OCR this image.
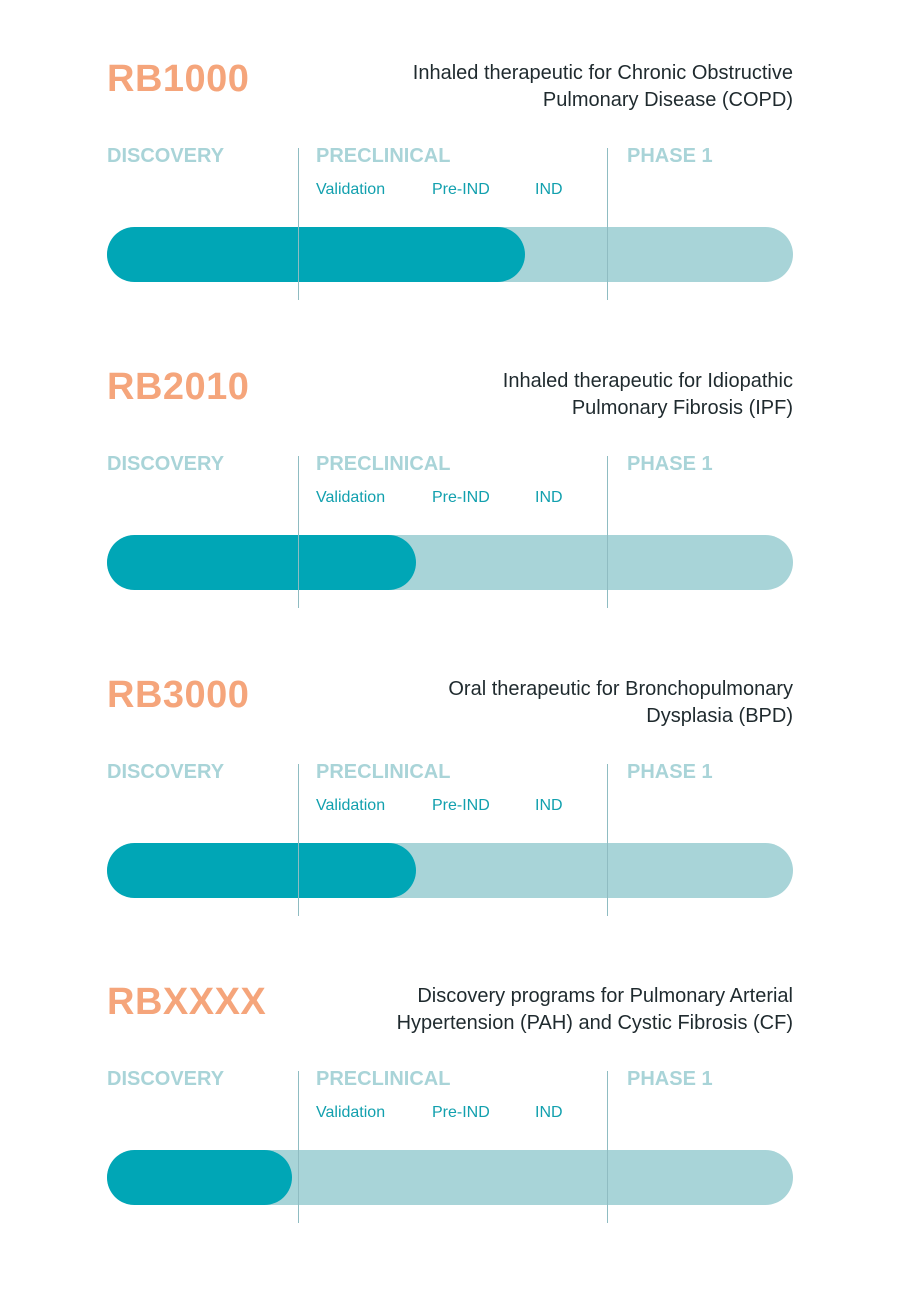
RB1000	Inhaled therapeutic for Chronic Obstructive
Pulmonary Disease (COPD)
DISCOVERY	PRECLINICAL	PHASE 1
Validation	Pre-IND	IND
RB2010	Inhaled therapeutic for Idiopathic
Pulmonary Fibrosis (IPF)
DISCOVERY	PRECLINICAL	PHASE 1
Validation	Pre-IND	IND
RB3000	Oral therapeutic for Bronchopulmonary
Dysplasia (BPD)
DISCOVERY	PRECLINICAL	PHASE 1
Validation	Pre-IND	IND
RBXXXX	Discovery programs for Pulmonary Arterial
Hypertension (PAH) and Cystic Fibrosis (CF)
DISCOVERY	PRECLINICAL	PHASE 1
Validation	Pre-IND	IND
